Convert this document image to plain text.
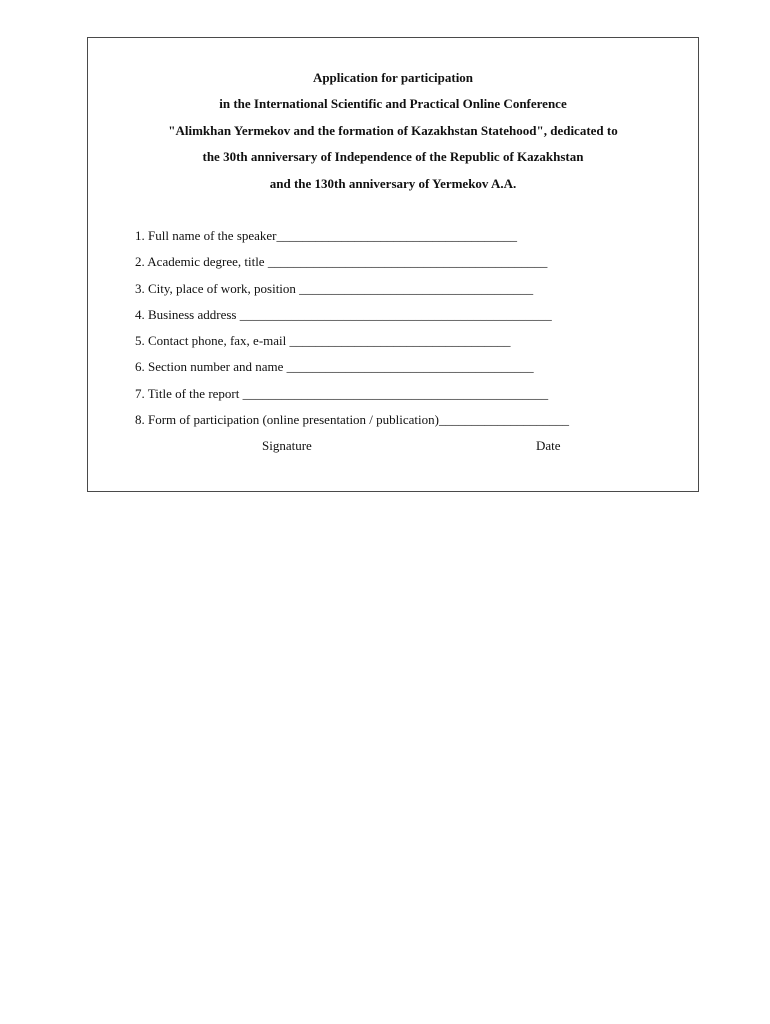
Application for participation
in the International Scientific and Practical Online Conference
"Alimkhan Yermekov and the formation of Kazakhstan Statehood", dedicated to
the 30th anniversary of Independence of the Republic of Kazakhstan
and the 130th anniversary of Yermekov A.A.
1. Full name of the speaker_____________________________________
2. Academic degree, title ___________________________________________
3. City, place of work, position ____________________________________
4. Business address ________________________________________________
5. Contact phone, fax, e-mail __________________________________
6. Section number and name ______________________________________
7. Title of the report _______________________________________________
8. Form of participation (online presentation / publication)____________________
Signature	Date
